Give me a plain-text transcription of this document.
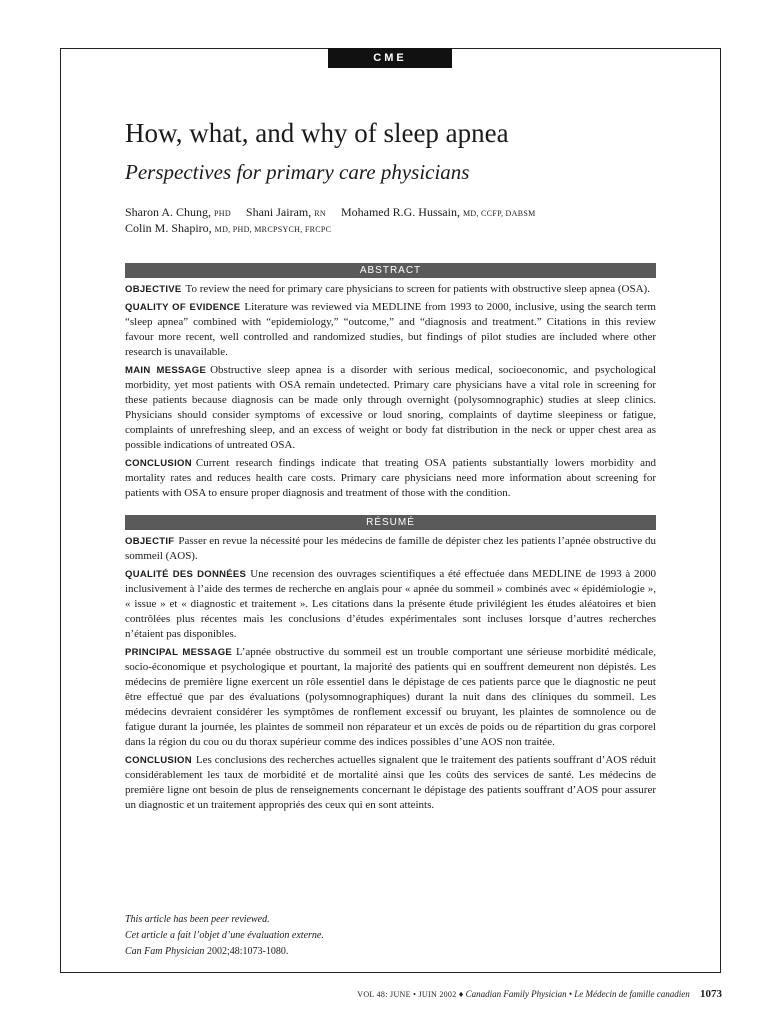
CME
How, what, and why of sleep apnea
Perspectives for primary care physicians
Sharon A. Chung, PHD Shani Jairam, RN Mohamed R.G. Hussain, MD, CCFP, DABSM
Colin M. Shapiro, MD, PHD, MRCPSYCH, FRCPC
ABSTRACT

OBJECTIVE To review the need for primary care physicians to screen for patients with obstructive sleep apnea (OSA).

QUALITY OF EVIDENCE Literature was reviewed via MEDLINE from 1993 to 2000, inclusive, using the search term “sleep apnea” combined with “epidemiology,” “outcome,” and “diagnosis and treatment.” Citations in this review favour more recent, well controlled and randomized studies, but findings of pilot studies are included where other research is unavailable.

MAIN MESSAGE Obstructive sleep apnea is a disorder with serious medical, socioeconomic, and psychological morbidity, yet most patients with OSA remain undetected. Primary care physicians have a vital role in screening for these patients because diagnosis can be made only through overnight (polysomnographic) studies at sleep clinics. Physicians should consider symptoms of excessive or loud snoring, complaints of daytime sleepiness or fatigue, complaints of unrefreshing sleep, and an excess of weight or body fat distribution in the neck or upper chest area as possible indications of untreated OSA.

CONCLUSION Current research findings indicate that treating OSA patients substantially lowers morbidity and mortality rates and reduces health care costs. Primary care physicians need more information about screening for patients with OSA to ensure proper diagnosis and treatment of those with the condition.

RÉSUMÉ

OBJECTIF Passer en revue la nécessité pour les médecins de famille de dépister chez les patients l’apnée obstructive du sommeil (AOS).

QUALITÉ DES DONNÉES Une recension des ouvrages scientifiques a été effectuée dans MEDLINE de 1993 à 2000 inclusivement à l’aide des termes de recherche en anglais pour « apnée du sommeil » combinés avec « épidémiologie », « issue » et « diagnostic et traitement ». Les citations dans la présente étude privilégient les études aléatoires et bien contrôlées plus récentes mais les conclusions d’études expérimentales sont incluses lorsque d’autres recherches n’étaient pas disponibles.

PRINCIPAL MESSAGE L’apnée obstructive du sommeil est un trouble comportant une sérieuse morbidité médicale, socio-économique et psychologique et pourtant, la majorité des patients qui en souffrent demeurent non dépistés. Les médecins de première ligne exercent un rôle essentiel dans le dépistage de ces patients parce que le diagnostic ne peut être effectué que par des évaluations (polysomnographiques) durant la nuit dans des cliniques du sommeil. Les médecins devraient considérer les symptômes de ronflement excessif ou bruyant, les plaintes de somnolence ou de fatigue durant la journée, les plaintes de sommeil non réparateur et un excès de poids ou de répartition du gras corporel dans la région du cou ou du thorax supérieur comme des indices possibles d’une AOS non traitée.

CONCLUSION Les conclusions des recherches actuelles signalent que le traitement des patients souffrant d’AOS réduit considérablement les taux de morbidité et de mortalité ainsi que les coûts des services de santé. Les médecins de première ligne ont besoin de plus de renseignements concernant le dépistage des patients souffrant d’AOS pour assurer un diagnostic et un traitement appropriés des ceux qui en sont atteints.

This article has been peer reviewed.
Cet article a fait l’objet d’une évaluation externe.
Can Fam Physician 2002;48:1073-1080.
VOL 48: JUNE • JUIN 2002 ♦ Canadian Family Physician • Le Médecin de famille canadien 1073
